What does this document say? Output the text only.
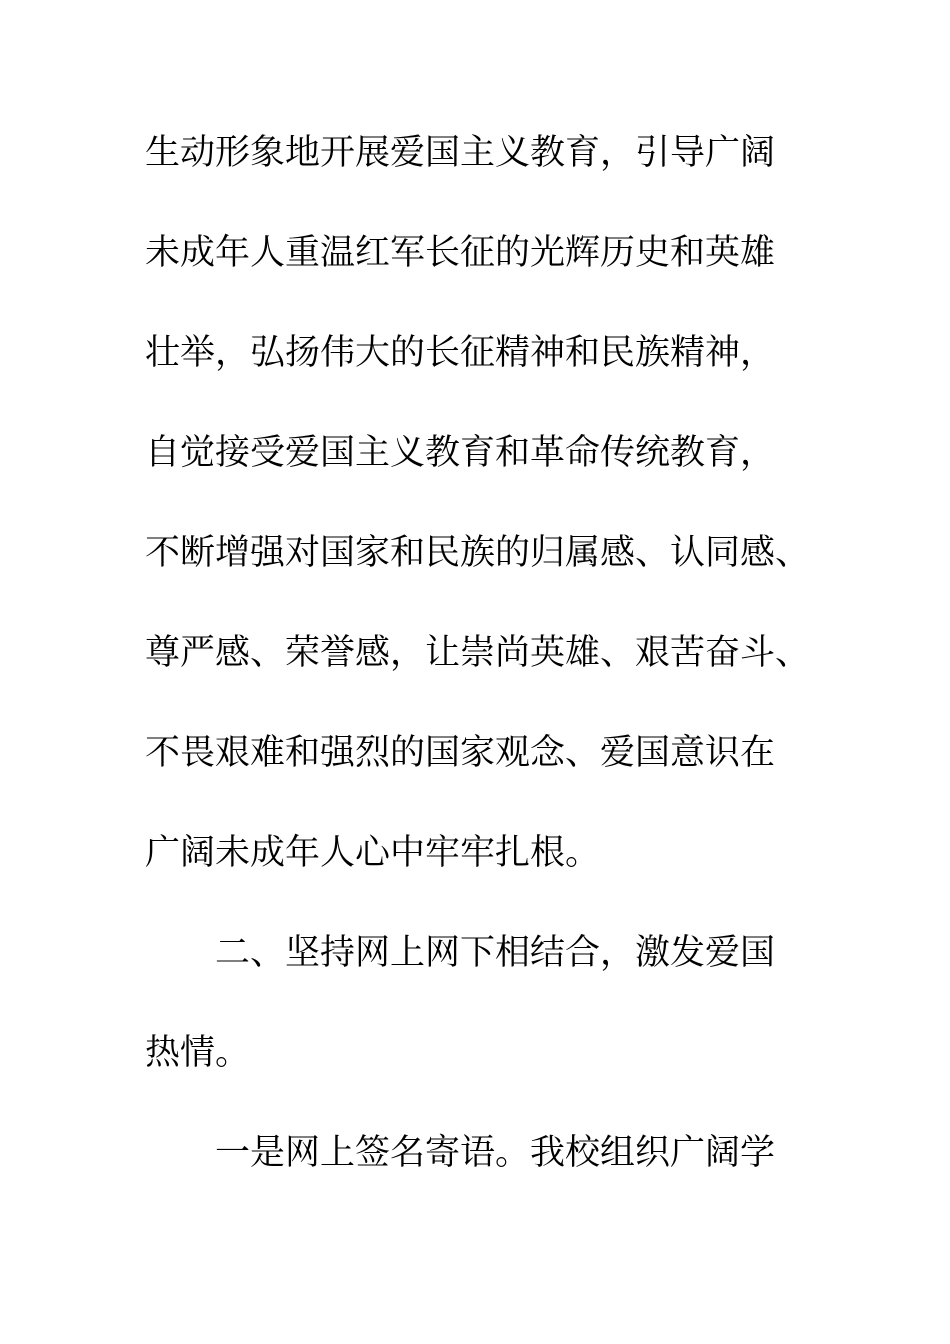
生动形象地开展爱国主义教育，引导广阔

未成年人重温红军长征的光辉历史和英雄

壮举，弘扬伟大的长征精神和民族精神，

自觉接受爱国主义教育和革命传统教育，

不断增强对国家和民族的归属感、认同感、

尊严感、荣誉感，让崇尚英雄、艰苦奋斗、

不畏艰难和强烈的国家观念、爱国意识在

广阔未成年人心中牢牢扎根。

二、坚持网上网下相结合，激发爱国

热情。

一是网上签名寄语。我校组织广阔学
